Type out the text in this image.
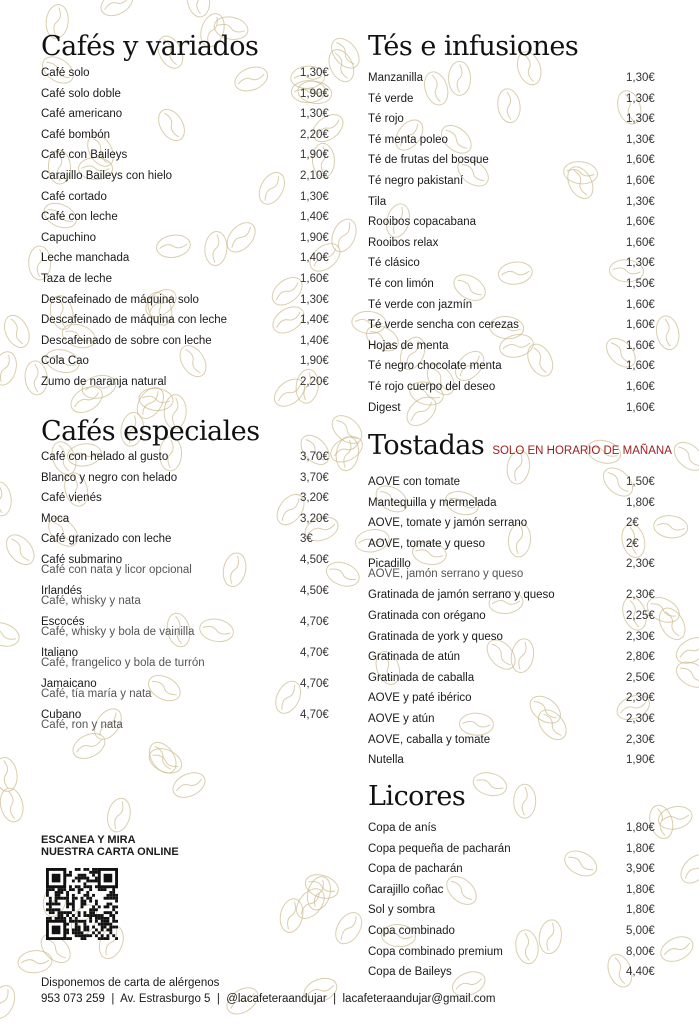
Cafés y variados
Café solo	1,30€
Café solo doble	1,90€
Café americano	1,30€
Café bombón	2,20€
Café con Baileys	1,90€
Carajillo Baileys con hielo	2,10€
Café cortado	1,30€
Café con leche	1,40€
Capuchino	1,90€
Leche manchada	1,40€
Taza de leche	1,60€
Descafeinado de máquina solo	1,30€
Descafeinado de máquina con leche	1,40€
Descafeinado de sobre con leche	1,40€
Cola Cao	1,90€
Zumo de naranja natural	2,20€
Cafés especiales
Café con helado al gusto	3,70€
Blanco y negro con helado	3,70€
Café vienés	3,20€
Moca	3,20€
Café granizado con leche	3€
Café submarino	4,50€
Café con nata y licor opcional
Irlandés	4,50€
Café, whisky y nata
Escocés	4,70€
Café, whisky y bola de vainilla
Italiano	4,70€
Café, frangelico y bola de turrón
Jamaicano	4,70€
Café, tía maría y nata
Cubano	4,70€
Café, ron y nata
Tés e infusiones
Manzanilla	1,30€
Té verde	1,30€
Té rojo	1,30€
Té menta poleo	1,30€
Té de frutas del bosque	1,60€
Té negro pakistaní	1,60€
Tila	1,30€
Rooibos copacabana	1,60€
Rooibos relax	1,60€
Té clásico	1,30€
Té con limón	1,50€
Té verde con jazmín	1,60€
Té verde sencha con cerezas	1,60€
Hojas de menta	1,60€
Té negro chocolate menta	1,60€
Té rojo cuerpo del deseo	1,60€
Digest	1,60€
Tostadas SOLO EN HORARIO DE MAÑANA
AOVE con tomate	1,50€
Mantequilla y mermelada	1,80€
AOVE, tomate y jamón serrano	2€
AOVE, tomate y queso	2€
Picadillo	2,30€
AOVE, jamón serrano y queso
Gratinada de jamón serrano y queso	2,30€
Gratinada con orégano	2,25€
Gratinada de york y queso	2,30€
Gratinada de atún	2,80€
Gratinada de caballa	2,50€
AOVE y paté ibérico	2,30€
AOVE y atún	2,30€
AOVE, caballa y tomate	2,30€
Nutella	1,90€
Licores
Copa de anís	1,80€
Copa pequeña de pacharán	1,80€
Copa de pacharán	3,90€
Carajillo coñac	1,80€
Sol y sombra	1,80€
Copa combinado	5,00€
Copa combinado premium	8,00€
Copa de Baileys	4,40€
ESCANEA Y MIRA
NUESTRA CARTA ONLINE
Disponemos de carta de alérgenos
953 073 259  |  Av. Estrasburgo 5  |  @lacafeteraandujar  |  lacafeteraandujar@gmail.com
